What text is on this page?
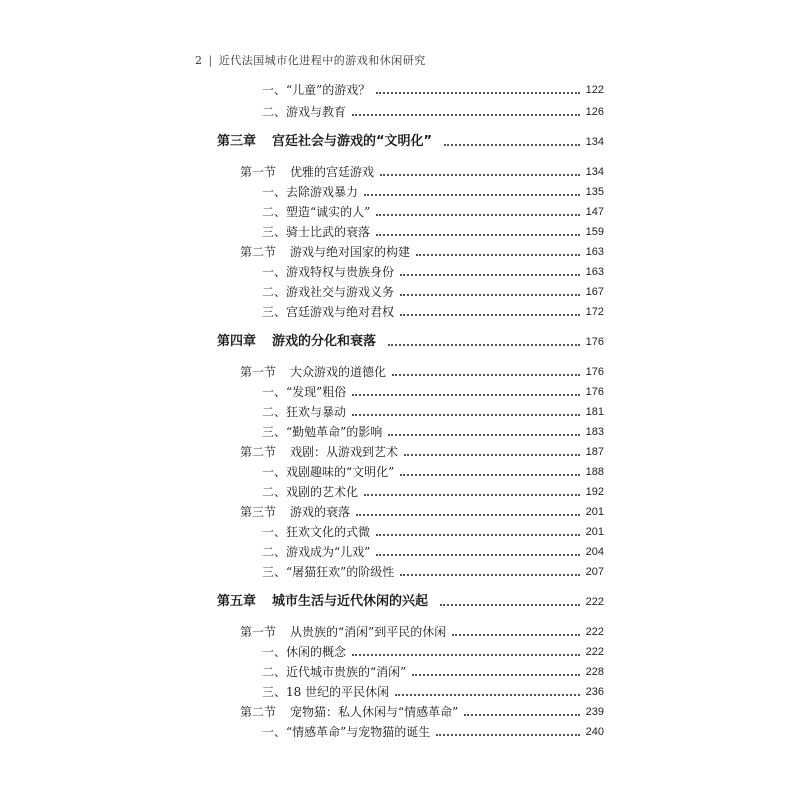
2 | 近代法国城市化进程中的游戏和休闲研究
一、“儿童”的游戏？	122
二、游戏与教育	126
第三章 宫廷社会与游戏的“文明化”	134
第一节 优雅的宫廷游戏	134
一、去除游戏暴力	135
二、塑造“诚实的人”	147
三、骑士比武的衰落	159
第二节 游戏与绝对国家的构建	163
一、游戏特权与贵族身份	163
二、游戏社交与游戏义务	167
三、宫廷游戏与绝对君权	172
第四章 游戏的分化和衰落	176
第一节 大众游戏的道德化	176
一、“发现”粗俗	176
二、狂欢与暴动	181
三、“勤勉革命”的影响	183
第二节 戏剧：从游戏到艺术	187
一、戏剧趣味的“文明化”	188
二、戏剧的艺术化	192
第三节 游戏的衰落	201
一、狂欢文化的式微	201
二、游戏成为“儿戏”	204
三、“屠猫狂欢”的阶级性	207
第五章 城市生活与近代休闲的兴起	222
第一节 从贵族的“消闲”到平民的休闲	222
一、休闲的概念	222
二、近代城市贵族的“消闲”	228
三、18 世纪的平民休闲	236
第二节 宠物猫：私人休闲与“情感革命”	239
一、“情感革命”与宠物猫的诞生	240
